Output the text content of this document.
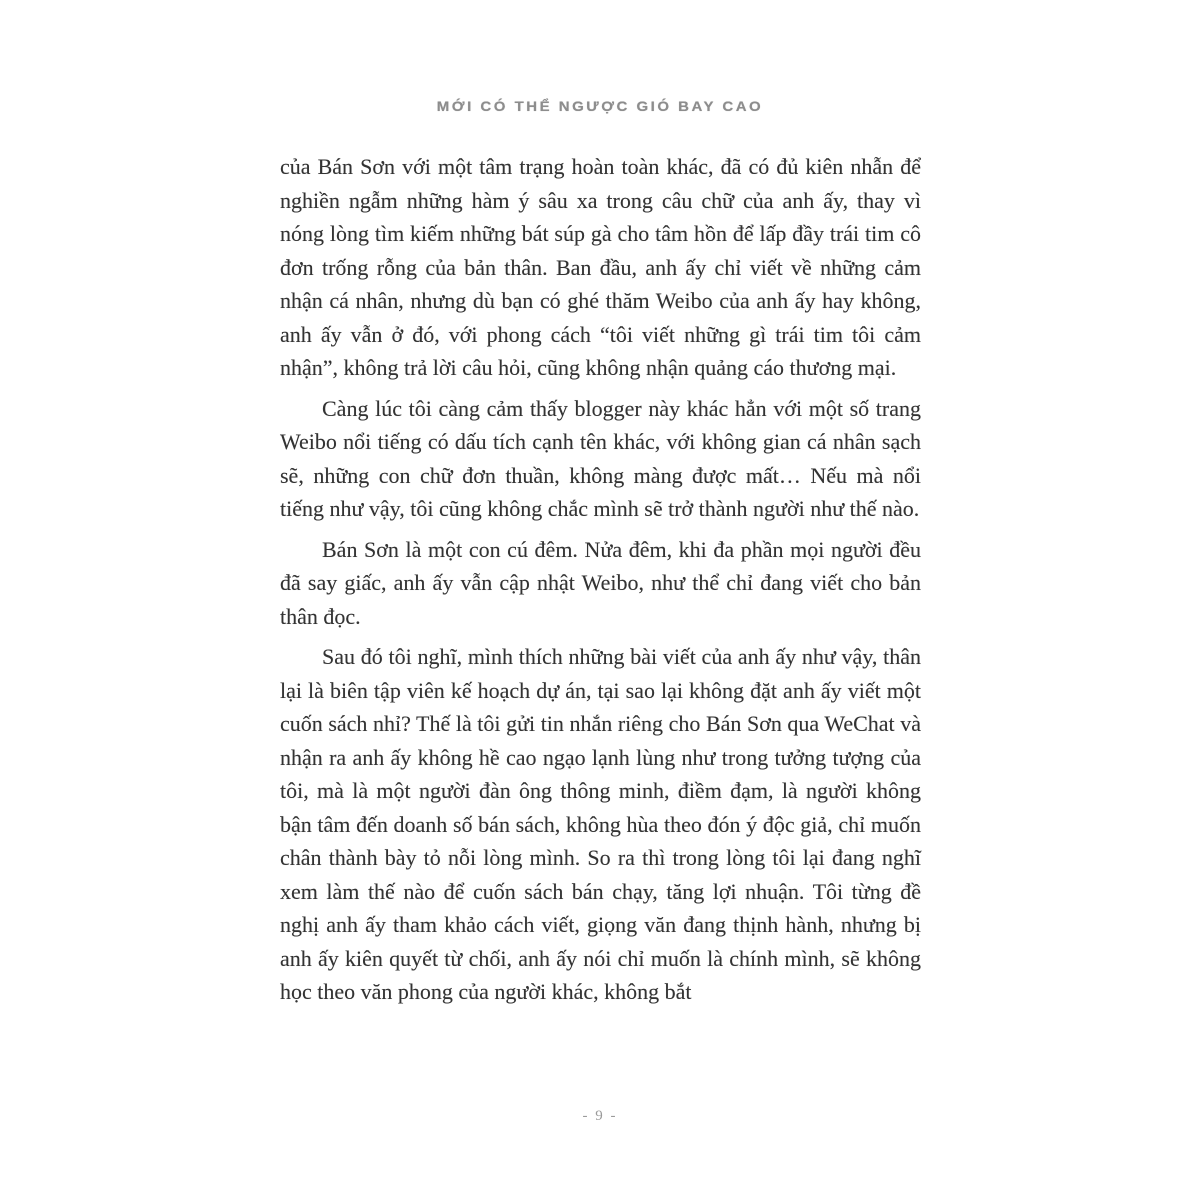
MỚI CÓ THỂ NGƯỢC GIÓ BAY CAO

của Bán Sơn với một tâm trạng hoàn toàn khác, đã có đủ kiên nhẫn để nghiền ngẫm những hàm ý sâu xa trong câu chữ của anh ấy, thay vì nóng lòng tìm kiếm những bát súp gà cho tâm hồn để lấp đầy trái tim cô đơn trống rỗng của bản thân. Ban đầu, anh ấy chỉ viết về những cảm nhận cá nhân, nhưng dù bạn có ghé thăm Weibo của anh ấy hay không, anh ấy vẫn ở đó, với phong cách “tôi viết những gì trái tim tôi cảm nhận”, không trả lời câu hỏi, cũng không nhận quảng cáo thương mại.

Càng lúc tôi càng cảm thấy blogger này khác hẳn với một số trang Weibo nổi tiếng có dấu tích cạnh tên khác, với không gian cá nhân sạch sẽ, những con chữ đơn thuần, không màng được mất… Nếu mà nổi tiếng như vậy, tôi cũng không chắc mình sẽ trở thành người như thế nào.

Bán Sơn là một con cú đêm. Nửa đêm, khi đa phần mọi người đều đã say giấc, anh ấy vẫn cập nhật Weibo, như thể chỉ đang viết cho bản thân đọc.

Sau đó tôi nghĩ, mình thích những bài viết của anh ấy như vậy, thân lại là biên tập viên kế hoạch dự án, tại sao lại không đặt anh ấy viết một cuốn sách nhỉ? Thế là tôi gửi tin nhắn riêng cho Bán Sơn qua WeChat và nhận ra anh ấy không hề cao ngạo lạnh lùng như trong tưởng tượng của tôi, mà là một người đàn ông thông minh, điềm đạm, là người không bận tâm đến doanh số bán sách, không hùa theo đón ý độc giả, chỉ muốn chân thành bày tỏ nỗi lòng mình. So ra thì trong lòng tôi lại đang nghĩ xem làm thế nào để cuốn sách bán chạy, tăng lợi nhuận. Tôi từng đề nghị anh ấy tham khảo cách viết, giọng văn đang thịnh hành, nhưng bị anh ấy kiên quyết từ chối, anh ấy nói chỉ muốn là chính mình, sẽ không học theo văn phong của người khác, không bắt

- 9 -
